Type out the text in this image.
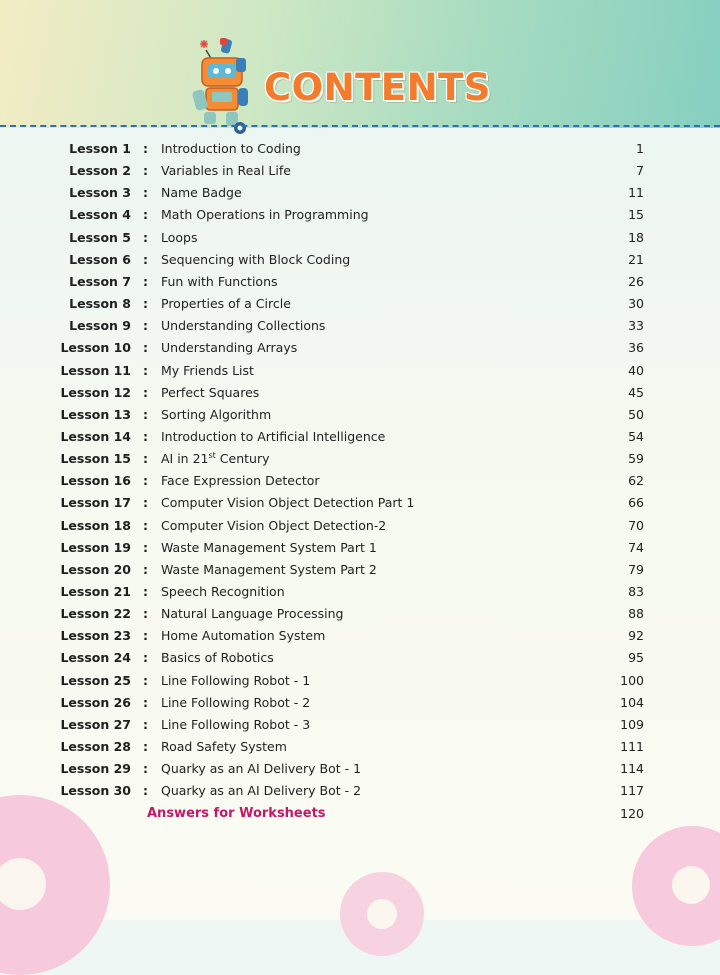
CONTENTS
Lesson 1 : Introduction to Coding	1
Lesson 2 : Variables in Real Life	7
Lesson 3 : Name Badge	11
Lesson 4 : Math Operations in Programming	15
Lesson 5 : Loops	18
Lesson 6 : Sequencing with Block Coding	21
Lesson 7 : Fun with Functions	26
Lesson 8 : Properties of a Circle	30
Lesson 9 : Understanding Collections	33
Lesson 10 : Understanding Arrays	36
Lesson 11 : My Friends List	40
Lesson 12 : Perfect Squares	45
Lesson 13 : Sorting Algorithm	50
Lesson 14 : Introduction to Artificial Intelligence	54
Lesson 15 : AI in 21st Century	59
Lesson 16 : Face Expression Detector	62
Lesson 17 : Computer Vision Object Detection Part 1	66
Lesson 18 : Computer Vision Object Detection-2	70
Lesson 19 : Waste Management System Part 1	74
Lesson 20 : Waste Management System Part 2	79
Lesson 21 : Speech Recognition	83
Lesson 22 : Natural Language Processing	88
Lesson 23 : Home Automation System	92
Lesson 24 : Basics of Robotics	95
Lesson 25 : Line Following Robot - 1	100
Lesson 26 : Line Following Robot - 2	104
Lesson 27 : Line Following Robot - 3	109
Lesson 28 : Road Safety System	111
Lesson 29 : Quarky as an AI Delivery Bot - 1	114
Lesson 30 : Quarky as an AI Delivery Bot - 2	117
Answers for Worksheets	120
